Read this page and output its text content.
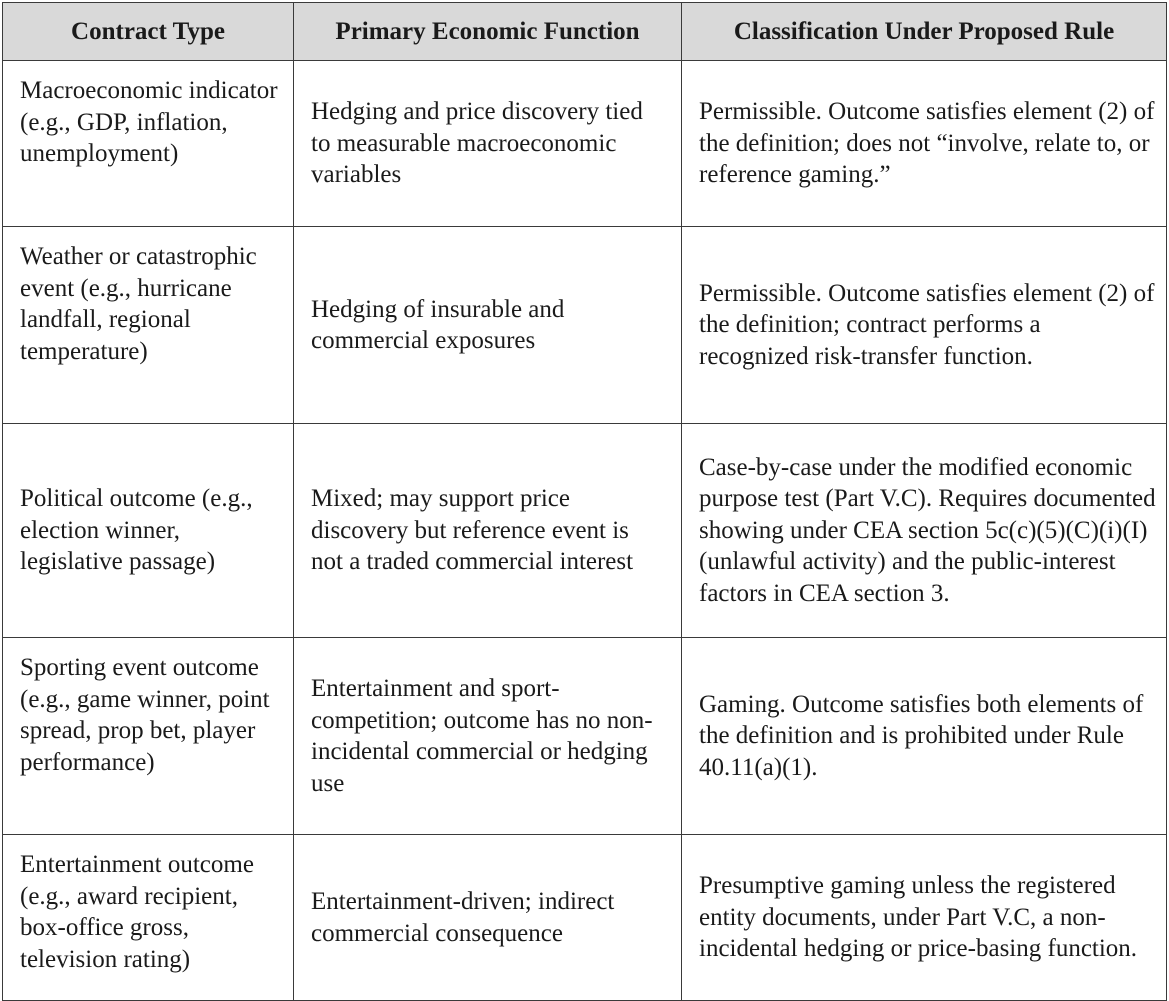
Contract Type	Primary Economic Function	Classification Under Proposed Rule
Macroeconomic indicator (e.g., GDP, inflation, unemployment)	Hedging and price discovery tied to measurable macroeconomic variables	Permissible. Outcome satisfies element (2) of the definition; does not “involve, relate to, or reference gaming.”
Weather or catastrophic event (e.g., hurricane landfall, regional temperature)	Hedging of insurable and commercial exposures	Permissible. Outcome satisfies element (2) of the definition; contract performs a recognized risk-transfer function.
Political outcome (e.g., election winner, legislative passage)	Mixed; may support price discovery but reference event is not a traded commercial interest	Case-by-case under the modified economic purpose test (Part V.C). Requires documented showing under CEA section 5c(c)(5)(C)(i)(I) (unlawful activity) and the public-interest factors in CEA section 3.
Sporting event outcome (e.g., game winner, point spread, prop bet, player performance)	Entertainment and sport-competition; outcome has no non-incidental commercial or hedging use	Gaming. Outcome satisfies both elements of the definition and is prohibited under Rule 40.11(a)(1).
Entertainment outcome (e.g., award recipient, box-office gross, television rating)	Entertainment-driven; indirect commercial consequence	Presumptive gaming unless the registered entity documents, under Part V.C, a non-incidental hedging or price-basing function.
